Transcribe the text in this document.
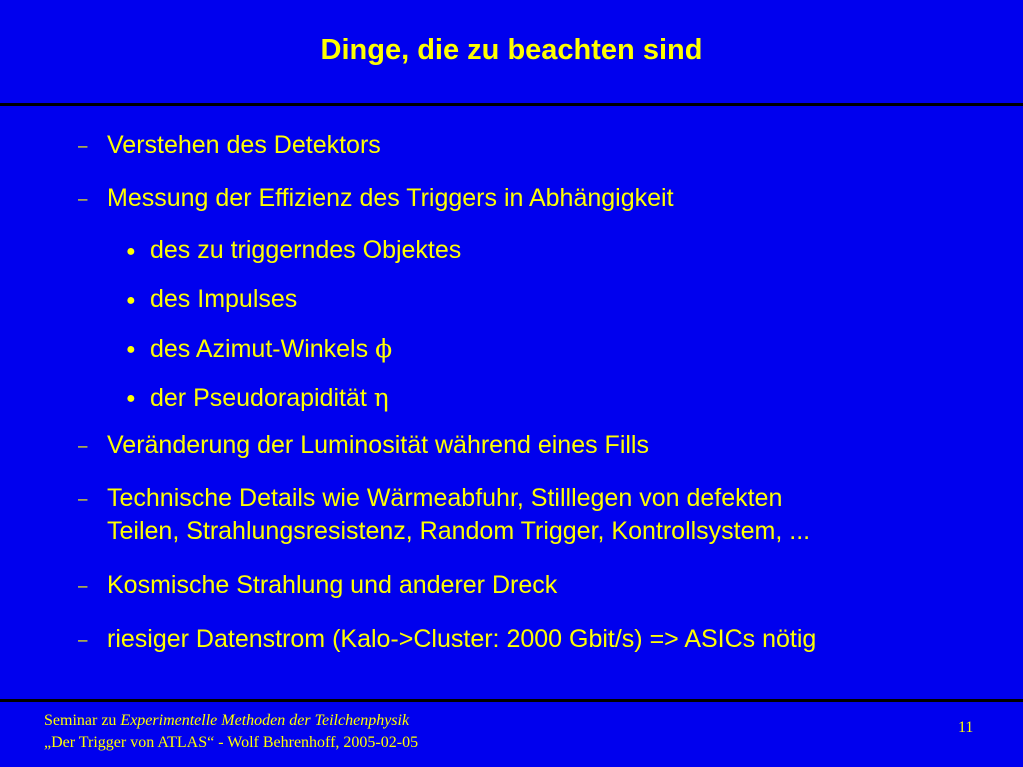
Dinge, die zu beachten sind
– Verstehen des Detektors
– Messung der Effizienz des Triggers in Abhängigkeit
● des zu triggerndes Objektes
● des Impulses
● des Azimut-Winkels ϕ
● der Pseudorapidität η
– Veränderung der Luminosität während eines Fills
– Technische Details wie Wärmeabfuhr, Stilllegen von defekten
Teilen, Strahlungsresistenz, Random Trigger, Kontrollsystem, ...
– Kosmische Strahlung und anderer Dreck
– riesiger Datenstrom (Kalo->Cluster: 2000 Gbit/s) => ASICs nötig
Seminar zu Experimentelle Methoden der Teilchenphysik
„Der Trigger von ATLAS“ - Wolf Behrenhoff, 2005-02-05
11
